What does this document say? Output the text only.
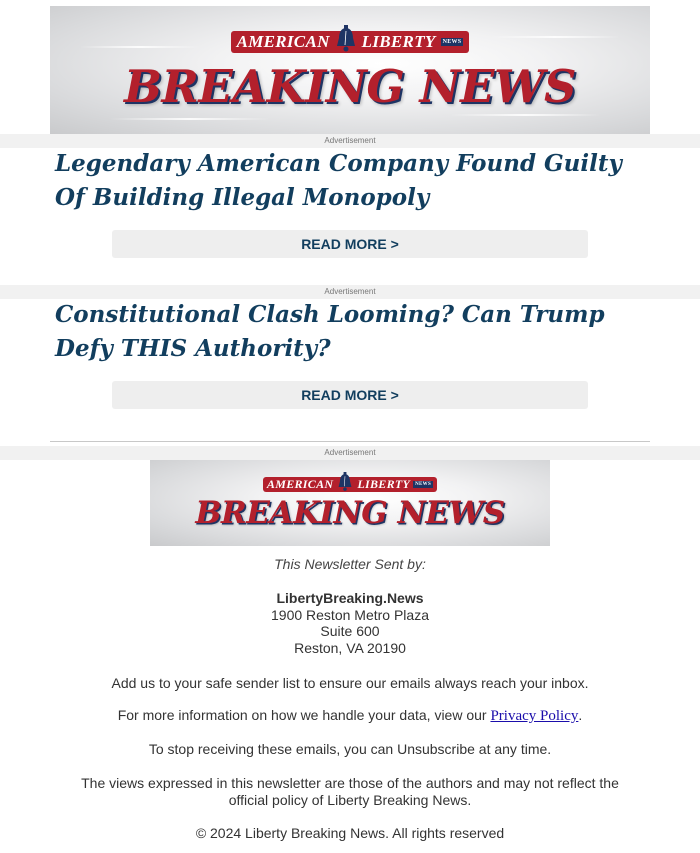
AMERICAN LIBERTY	NEWS
BREAKING NEWS
Advertisement
Legendary American Company Found Guilty Of Building Illegal Monopoly
READ MORE >
Advertisement
Constitutional Clash Looming? Can Trump Defy THIS Authority?
READ MORE >
Advertisement
AMERICAN LIBERTY	NEWS
BREAKING NEWS

This Newsletter Sent by:

LibertyBreaking.News

1900 Reston Metro Plaza

Suite 600

Reston, VA 20190

Add us to your safe sender list to ensure our emails always reach your inbox.

For more information on how we handle your data, view our Privacy Policy.

To stop receiving these emails, you can Unsubscribe at any time.

The views expressed in this newsletter are those of the authors and may not reflect the

official policy of Liberty Breaking News.

© 2024 Liberty Breaking News. All rights reserved
